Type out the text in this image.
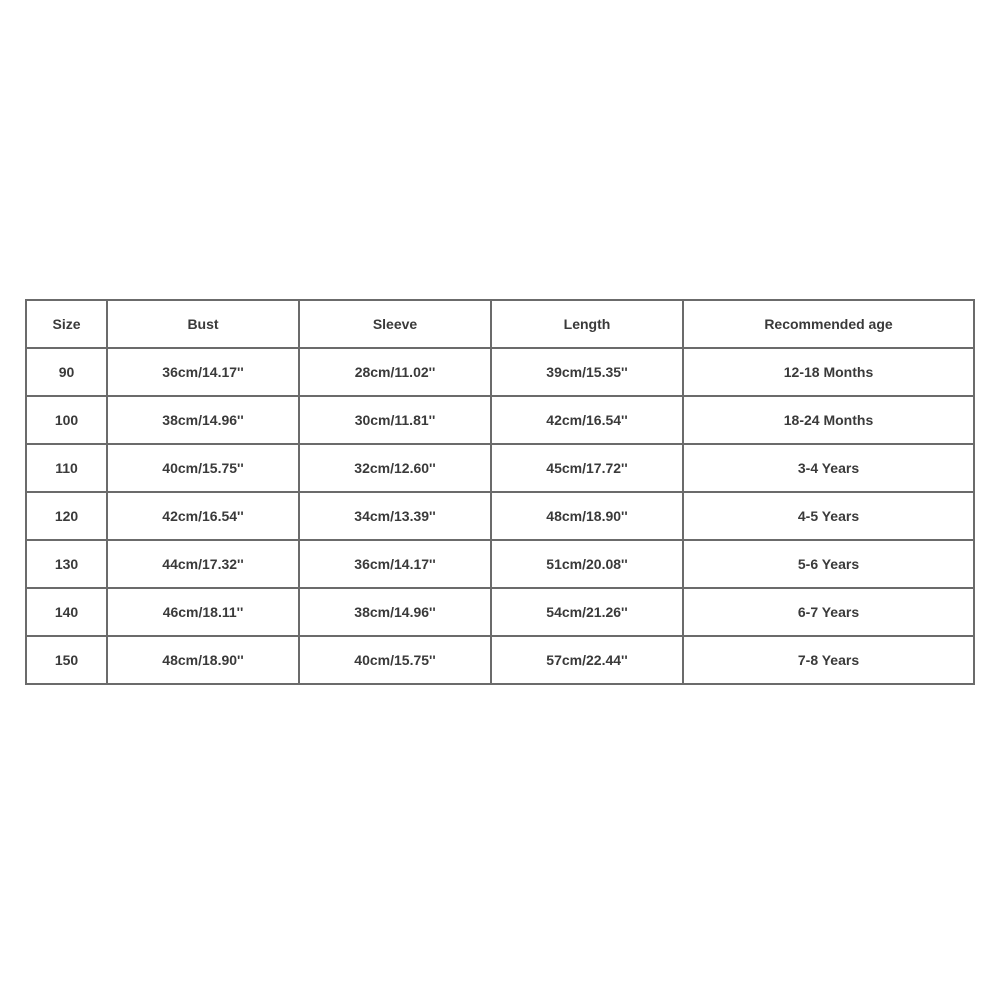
Size	Bust	Sleeve	Length	Recommended age
90	36cm/14.17''	28cm/11.02''	39cm/15.35''	12-18 Months
100	38cm/14.96''	30cm/11.81''	42cm/16.54''	18-24 Months
110	40cm/15.75''	32cm/12.60''	45cm/17.72''	3-4 Years
120	42cm/16.54''	34cm/13.39''	48cm/18.90''	4-5 Years
130	44cm/17.32''	36cm/14.17''	51cm/20.08''	5-6 Years
140	46cm/18.11''	38cm/14.96''	54cm/21.26''	6-7 Years
150	48cm/18.90''	40cm/15.75''	57cm/22.44''	7-8 Years
